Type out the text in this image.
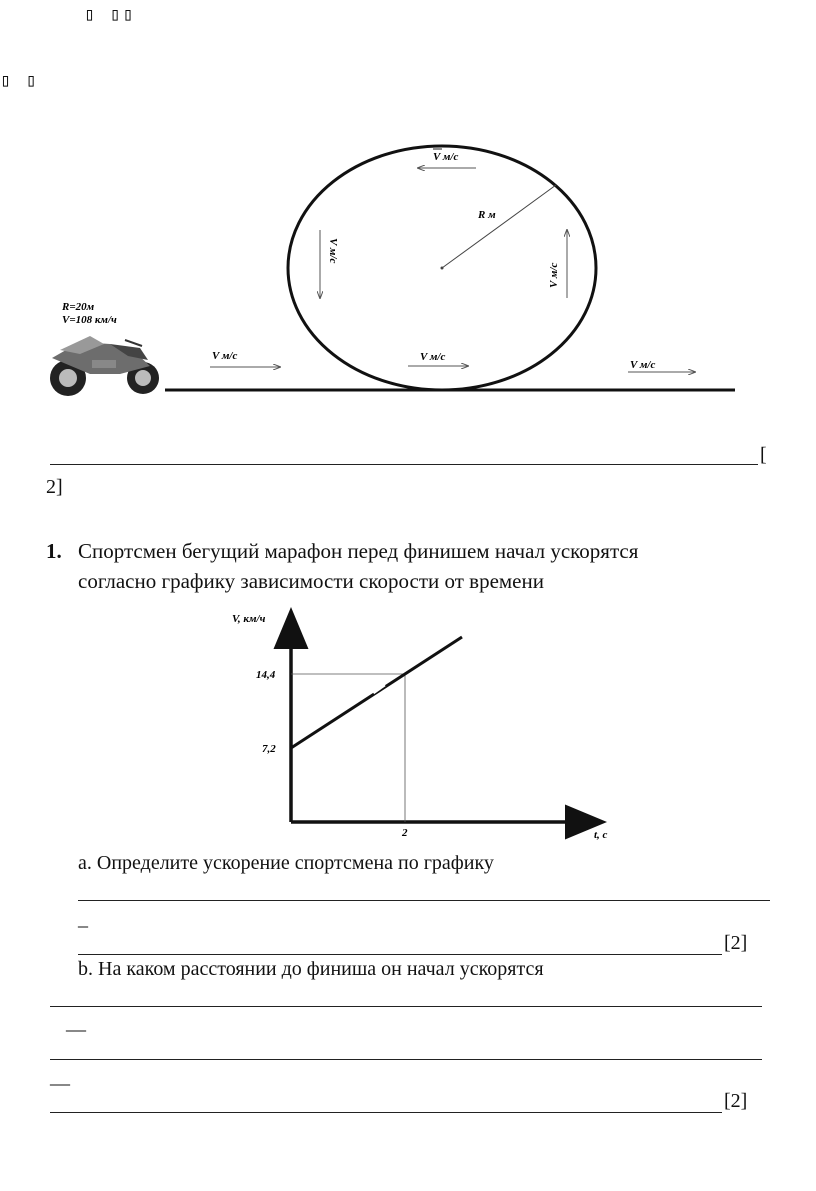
▯ ▯▯
▯ ▯
R м
V м/с
V м/с
V м/с
V м/с
V м/с
V м/с
R=20м
V=108 км/ч
[
2]
1. Спортсмен бегущий марафон перед финишем начал ускорятся
согласно графику зависимости скорости от времени
V, км/ч
t, с
7,2
14,4
2
a. Определите ускорение спортсмена по графику
_
[2]
b. На каком расстоянии до финиша он начал ускорятся
__
__
[2]
